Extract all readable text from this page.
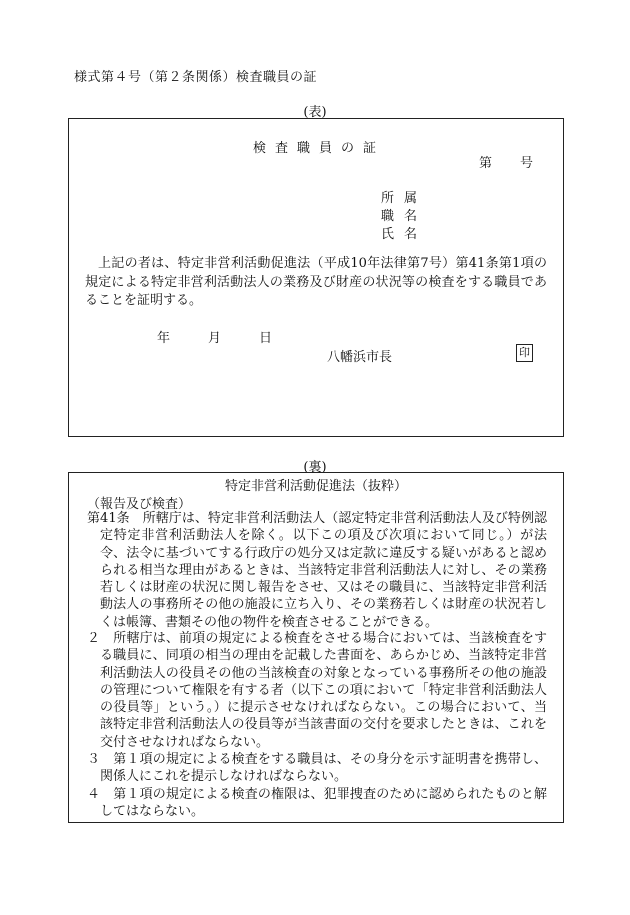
様式第４号（第２条関係）検査職員の証
(表)
検査職員の証
第 号
所属
職名
氏名
上記の者は、特定非営利活動促進法（平成10年法律第7号）第41条第1項の規定による特定非営利活動法人の業務及び財産の状況等の検査をする職員であることを証明する。
年	月	日
八幡浜市長	印
(裏)
特定非営利活動促進法（抜粋）
（報告及び検査）

第41条　所轄庁は、特定非営利活動法人（認定特定非営利活動法人及び特例認定特定非営利活動法人を除く。以下この項及び次項において同じ。）が法令、法令に基づいてする行政庁の処分又は定款に違反する疑いがあると認められる相当な理由があるときは、当該特定非営利活動法人に対し、その業務若しくは財産の状況に関し報告をさせ、又はその職員に、当該特定非営利活動法人の事務所その他の施設に立ち入り、その業務若しくは財産の状況若しくは帳簿、書類その他の物件を検査させることができる。

２　所轄庁は、前項の規定による検査をさせる場合においては、当該検査をする職員に、同項の相当の理由を記載した書面を、あらかじめ、当該特定非営利活動法人の役員その他の当該検査の対象となっている事務所その他の施設の管理について権限を有する者（以下この項において「特定非営利活動法人の役員等」という。）に提示させなければならない。この場合において、当該特定非営利活動法人の役員等が当該書面の交付を要求したときは、これを交付させなければならない。

３　第１項の規定による検査をする職員は、その身分を示す証明書を携帯し、関係人にこれを提示しなければならない。

４　第１項の規定による検査の権限は、犯罪捜査のために認められたものと解してはならない。
